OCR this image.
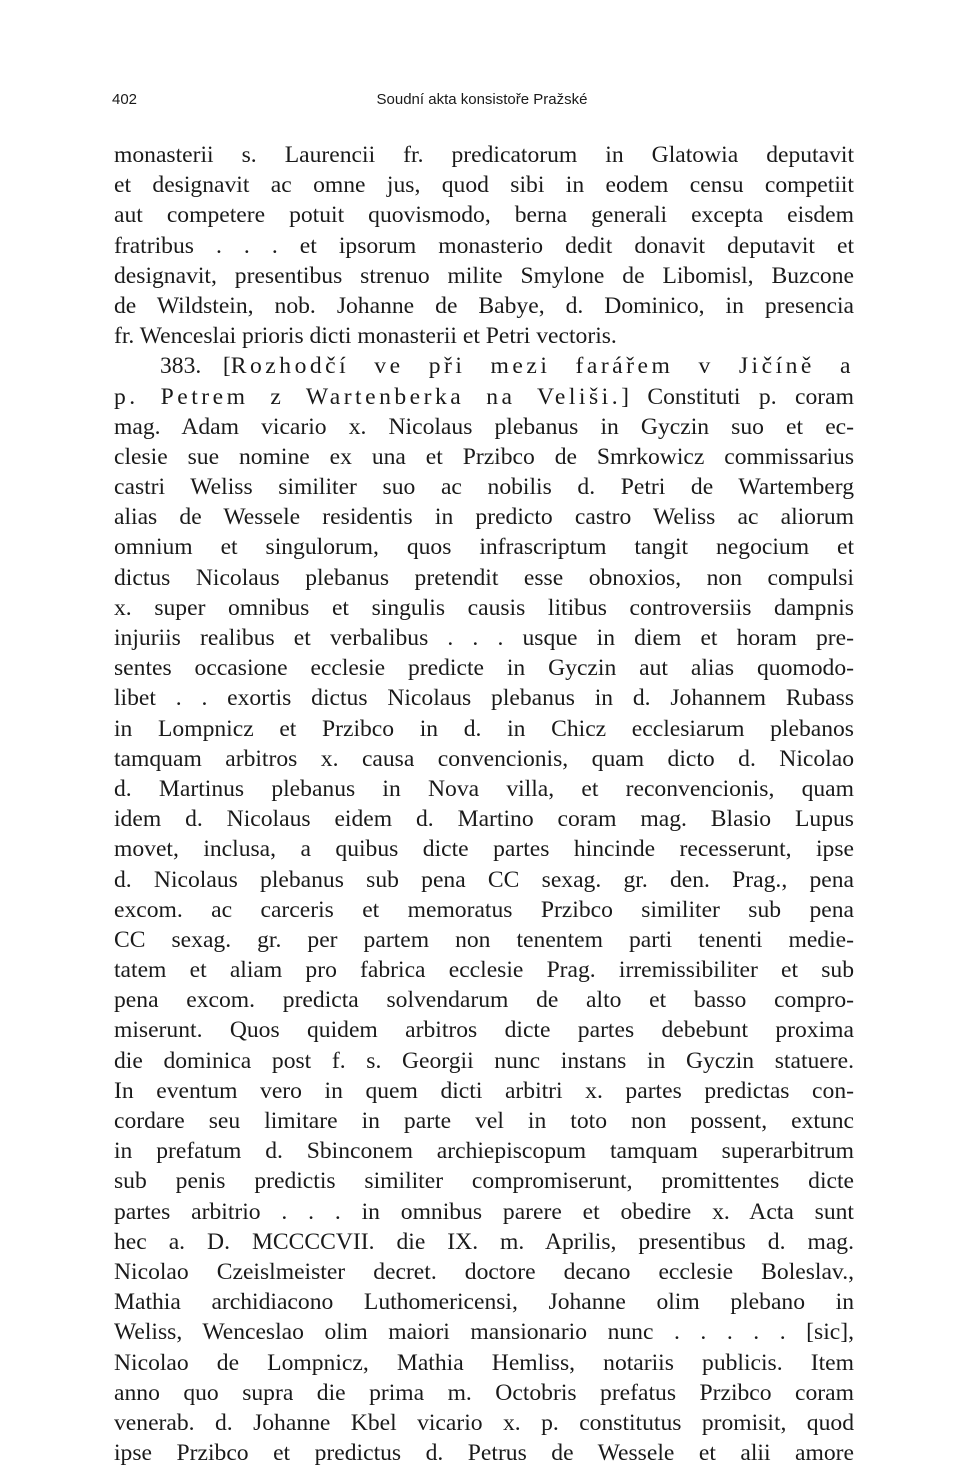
402	Soudní akta konsistoře Pražské
monasterii s. Laurencii fr. predicatorum in Glatowia deputavit
et designavit ac omne jus, quod sibi in eodem censu competiit
aut competere potuit quovismodo, berna generali excepta eisdem
fratribus . . . et ipsorum monasterio dedit donavit deputavit et
designavit, presentibus strenuo milite Smylone de Libomisl, Buzcone
de Wildstein, nob. Johanne de Babye, d. Dominico, in presencia
fr. Wenceslai prioris dicti monasterii et Petri vectoris.
383. [Rozhodčí ve při mezi farářem v Jičíně a
p. Petrem z Wartenberka na Veliši.] Constituti p. coram
mag. Adam vicario x. Nicolaus plebanus in Gyczin suo et ec-
clesie sue nomine ex una et Przibco de Smrkowicz commissarius
castri Weliss similiter suo ac nobilis d. Petri de Wartemberg
alias de Wessele residentis in predicto castro Weliss ac aliorum
omnium et singulorum, quos infrascriptum tangit negocium et
dictus Nicolaus plebanus pretendit esse obnoxios, non compulsi
x. super omnibus et singulis causis litibus controversiis dampnis
injuriis realibus et verbalibus . . . usque in diem et horam pre-
sentes occasione ecclesie predicte in Gyczin aut alias quomodo-
libet . . exortis dictus Nicolaus plebanus in d. Johannem Rubass
in Lompnicz et Przibco in d. in Chicz ecclesiarum plebanos
tamquam arbitros x. causa convencionis, quam dicto d. Nicolao
d. Martinus plebanus in Nova villa, et reconvencionis, quam
idem d. Nicolaus eidem d. Martino coram mag. Blasio Lupus
movet, inclusa, a quibus dicte partes hincinde recesserunt, ipse
d. Nicolaus plebanus sub pena CC sexag. gr. den. Prag., pena
excom. ac carceris et memoratus Przibco similiter sub pena
CC sexag. gr. per partem non tenentem parti tenenti medie-
tatem et aliam pro fabrica ecclesie Prag. irremissibiliter et sub
pena excom. predicta solvendarum de alto et basso compro-
miserunt. Quos quidem arbitros dicte partes debebunt proxima
die dominica post f. s. Georgii nunc instans in Gyczin statuere.
In eventum vero in quem dicti arbitri x. partes predictas con-
cordare seu limitare in parte vel in toto non possent, extunc
in prefatum d. Sbinconem archiepiscopum tamquam superarbitrum
sub penis predictis similiter compromiserunt, promittentes dicte
partes arbitrio . . . in omnibus parere et obedire x. Acta sunt
hec a. D. MCCCCVII. die IX. m. Aprilis, presentibus d. mag.
Nicolao Czeislmeister decret. doctore decano ecclesie Boleslav.,
Mathia archidiacono Luthomericensi, Johanne olim plebano in
Weliss, Wenceslao olim maiori mansionario nunc . . . . . [sic],
Nicolao de Lompnicz, Mathia Hemliss, notariis publicis. Item
anno quo supra die prima m. Octobris prefatus Przibco coram
venerab. d. Johanne Kbel vicario x. p. constitutus promisit, quod
ipse Przibco et predictus d. Petrus de Wessele et alii amore
